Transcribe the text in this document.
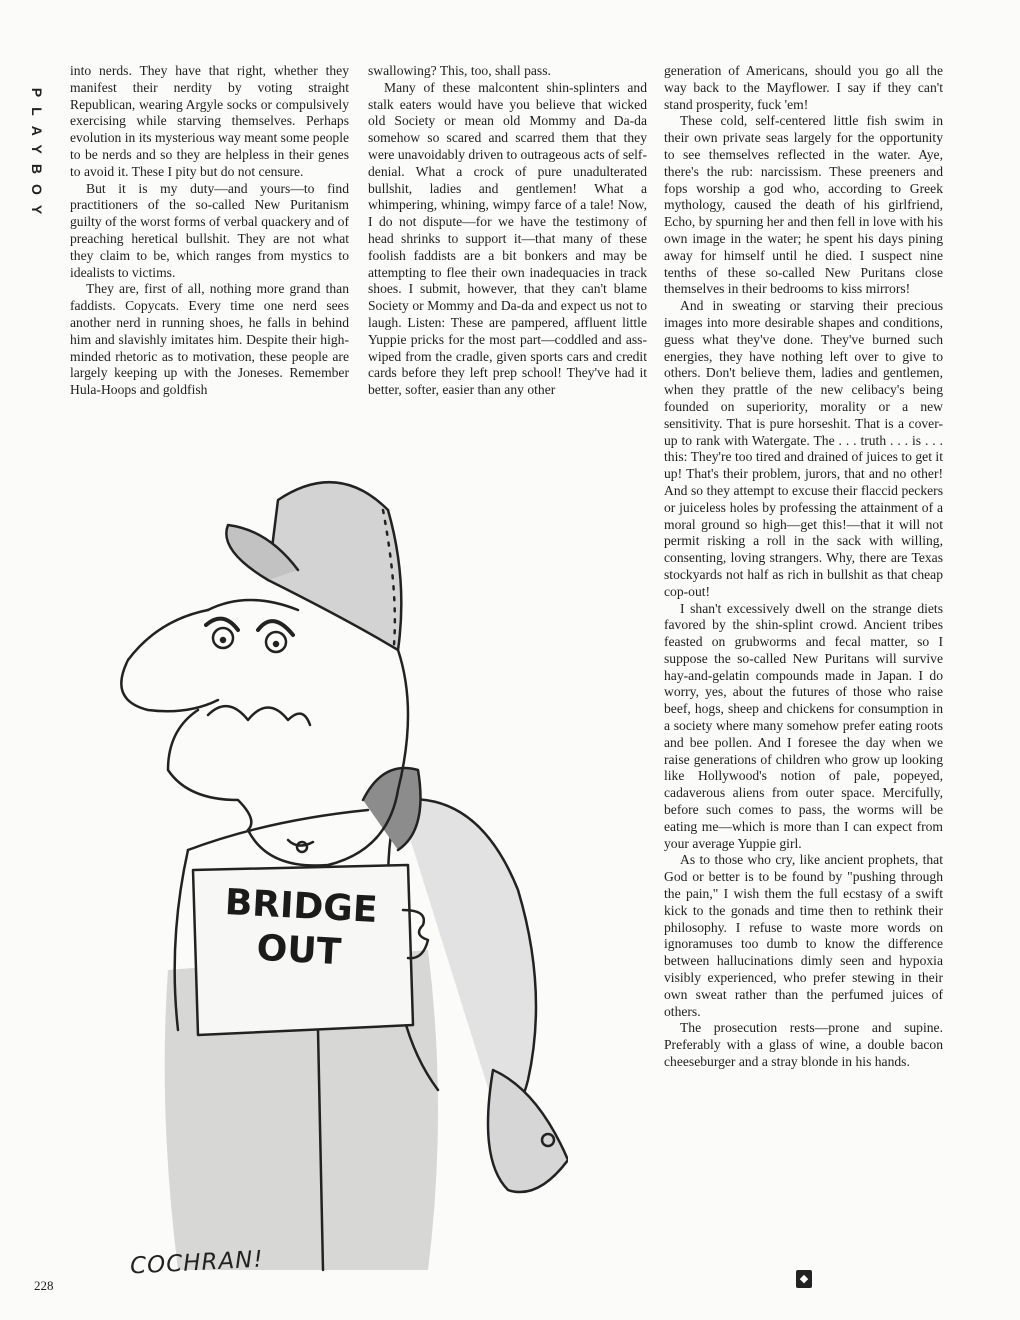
PLAYBOY

into nerds. They have that right, whether they manifest their nerdity by voting straight Republican, wearing Argyle socks or compulsively exercising while starving themselves. Perhaps evolution in its mysterious way meant some people to be nerds and so they are helpless in their genes to avoid it. These I pity but do not censure.

But it is my duty—and yours—to find practitioners of the so-called New Puritanism guilty of the worst forms of verbal quackery and of preaching heretical bullshit. They are not what they claim to be, which ranges from mystics to idealists to victims.

They are, first of all, nothing more grand than faddists. Copycats. Every time one nerd sees another nerd in running shoes, he falls in behind him and slavishly imitates him. Despite their high-minded rhetoric as to motivation, these people are largely keeping up with the Joneses. Remember Hula-Hoops and goldfish

swallowing? This, too, shall pass.

Many of these malcontent shin-splinters and stalk eaters would have you believe that wicked old Society or mean old Mommy and Da-da somehow so scared and scarred them that they were unavoidably driven to outrageous acts of self-denial. What a crock of pure unadulterated bullshit, ladies and gentlemen! What a whimpering, whining, wimpy farce of a tale! Now, I do not dispute—for we have the testimony of head shrinks to support it—that many of these foolish faddists are a bit bonkers and may be attempting to flee their own inadequacies in track shoes. I submit, however, that they can't blame Society or Mommy and Da-da and expect us not to laugh. Listen: These are pampered, affluent little Yuppie pricks for the most part—coddled and ass-wiped from the cradle, given sports cars and credit cards before they left prep school! They've had it better, softer, easier than any other

generation of Americans, should you go all the way back to the Mayflower. I say if they can't stand prosperity, fuck 'em!

These cold, self-centered little fish swim in their own private seas largely for the opportunity to see themselves reflected in the water. Aye, there's the rub: narcissism. These preeners and fops worship a god who, according to Greek mythology, caused the death of his girlfriend, Echo, by spurning her and then fell in love with his own image in the water; he spent his days pining away for himself until he died. I suspect nine tenths of these so-called New Puritans close themselves in their bedrooms to kiss mirrors!

And in sweating or starving their precious images into more desirable shapes and conditions, guess what they've done. They've burned such energies, they have nothing left over to give to others. Don't believe them, ladies and gentlemen, when they prattle of the new celibacy's being founded on superiority, morality or a new sensitivity. That is pure horseshit. That is a cover-up to rank with Watergate. The . . . truth . . . is . . . this: They're too tired and drained of juices to get it up! That's their problem, jurors, that and no other! And so they attempt to excuse their flaccid peckers or juiceless holes by professing the attainment of a moral ground so high—get this!—that it will not permit risking a roll in the sack with willing, consenting, loving strangers. Why, there are Texas stockyards not half as rich in bullshit as that cheap cop-out!

I shan't excessively dwell on the strange diets favored by the shin-splint crowd. Ancient tribes feasted on grubworms and fecal matter, so I suppose the so-called New Puritans will survive hay-and-gelatin compounds made in Japan. I do worry, yes, about the futures of those who raise beef, hogs, sheep and chickens for consumption in a society where many somehow prefer eating roots and bee pollen. And I foresee the day when we raise generations of children who grow up looking like Hollywood's notion of pale, popeyed, cadaverous aliens from outer space. Mercifully, before such comes to pass, the worms will be eating me—which is more than I can expect from your average Yuppie girl.

As to those who cry, like ancient prophets, that God or better is to be found by "pushing through the pain," I wish them the full ecstasy of a swift kick to the gonads and time then to rethink their philosophy. I refuse to waste more words on ignoramuses too dumb to know the difference between hallucinations dimly seen and hypoxia visibly experienced, who prefer stewing in their own sweat rather than the perfumed juices of others.

The prosecution rests—prone and supine. Preferably with a glass of wine, a double bacon cheeseburger and a stray blonde in his hands.

BRIDGE
OUT
COCHRAN!
228	◆
